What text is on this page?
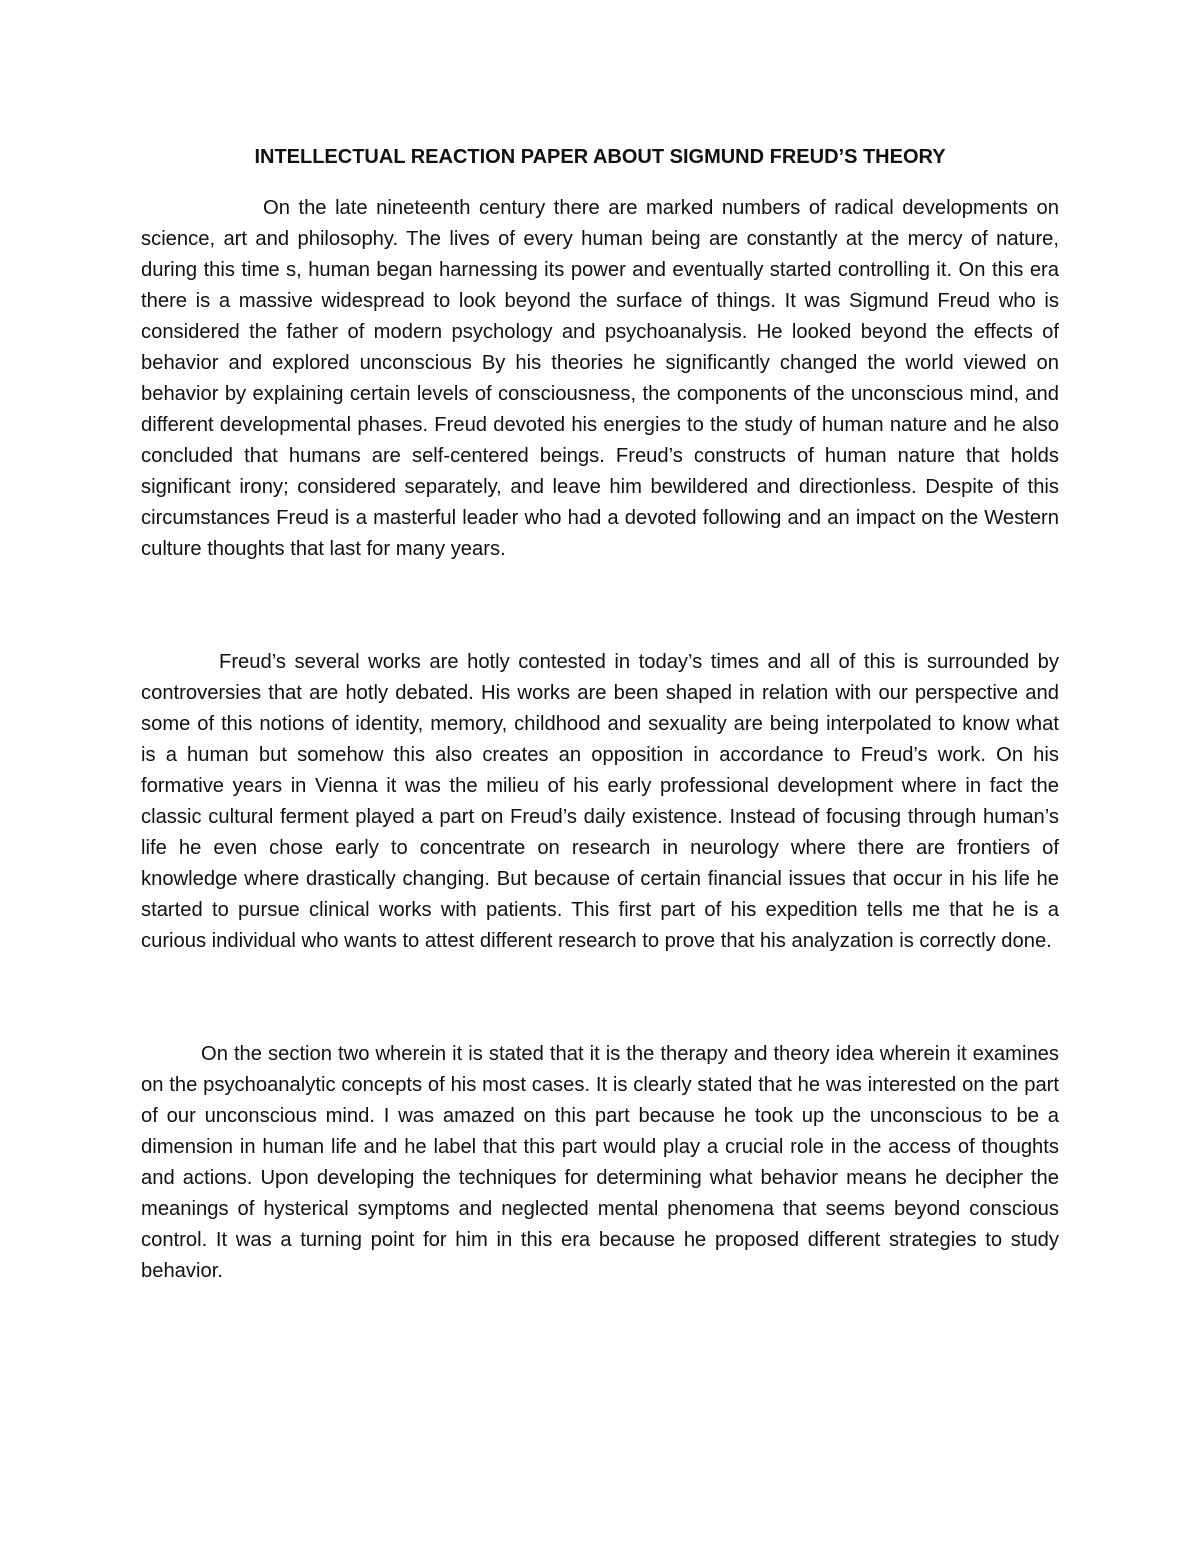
INTELLECTUAL REACTION PAPER ABOUT SIGMUND FREUD’S THEORY

On the late nineteenth century there are marked numbers of radical developments on science, art and philosophy. The lives of every human being are constantly at the mercy of nature, during this time s, human began harnessing its power and eventually started controlling it. On this era there is a massive widespread to look beyond the surface of things. It was Sigmund Freud who is considered the father of modern psychology and psychoanalysis. He looked beyond the effects of behavior and explored unconscious By his theories he significantly changed the world viewed on behavior by explaining certain levels of consciousness, the components of the unconscious mind, and different developmental phases. Freud devoted his energies to the study of human nature and he also concluded that humans are self-centered beings. Freud’s constructs of human nature that holds significant irony; considered separately, and leave him bewildered and directionless. Despite of this circumstances Freud is a masterful leader who had a devoted following and an impact on the Western culture thoughts that last for many years.

Freud’s several works are hotly contested in today’s times and all of this is surrounded by controversies that are hotly debated. His works are been shaped in relation with our perspective and some of this notions of identity, memory, childhood and sexuality are being interpolated to know what is a human but somehow this also creates an opposition in accordance to Freud’s work. On his formative years in Vienna it was the milieu of his early professional development where in fact the classic cultural ferment played a part on Freud’s daily existence. Instead of focusing through human’s life he even chose early to concentrate on research in neurology where there are frontiers of knowledge where drastically changing. But because of certain financial issues that occur in his life he started to pursue clinical works with patients. This first part of his expedition tells me that he is a curious individual who wants to attest different research to prove that his analyzation is correctly done.

On the section two wherein it is stated that it is the therapy and theory idea wherein it examines on the psychoanalytic concepts of his most cases. It is clearly stated that he was interested on the part of our unconscious mind. I was amazed on this part because he took up the unconscious to be a dimension in human life and he label that this part would play a crucial role in the access of thoughts and actions. Upon developing the techniques for determining what behavior means he decipher the meanings of hysterical symptoms and neglected mental phenomena that seems beyond conscious control. It was a turning point for him in this era because he proposed different strategies to study behavior.
